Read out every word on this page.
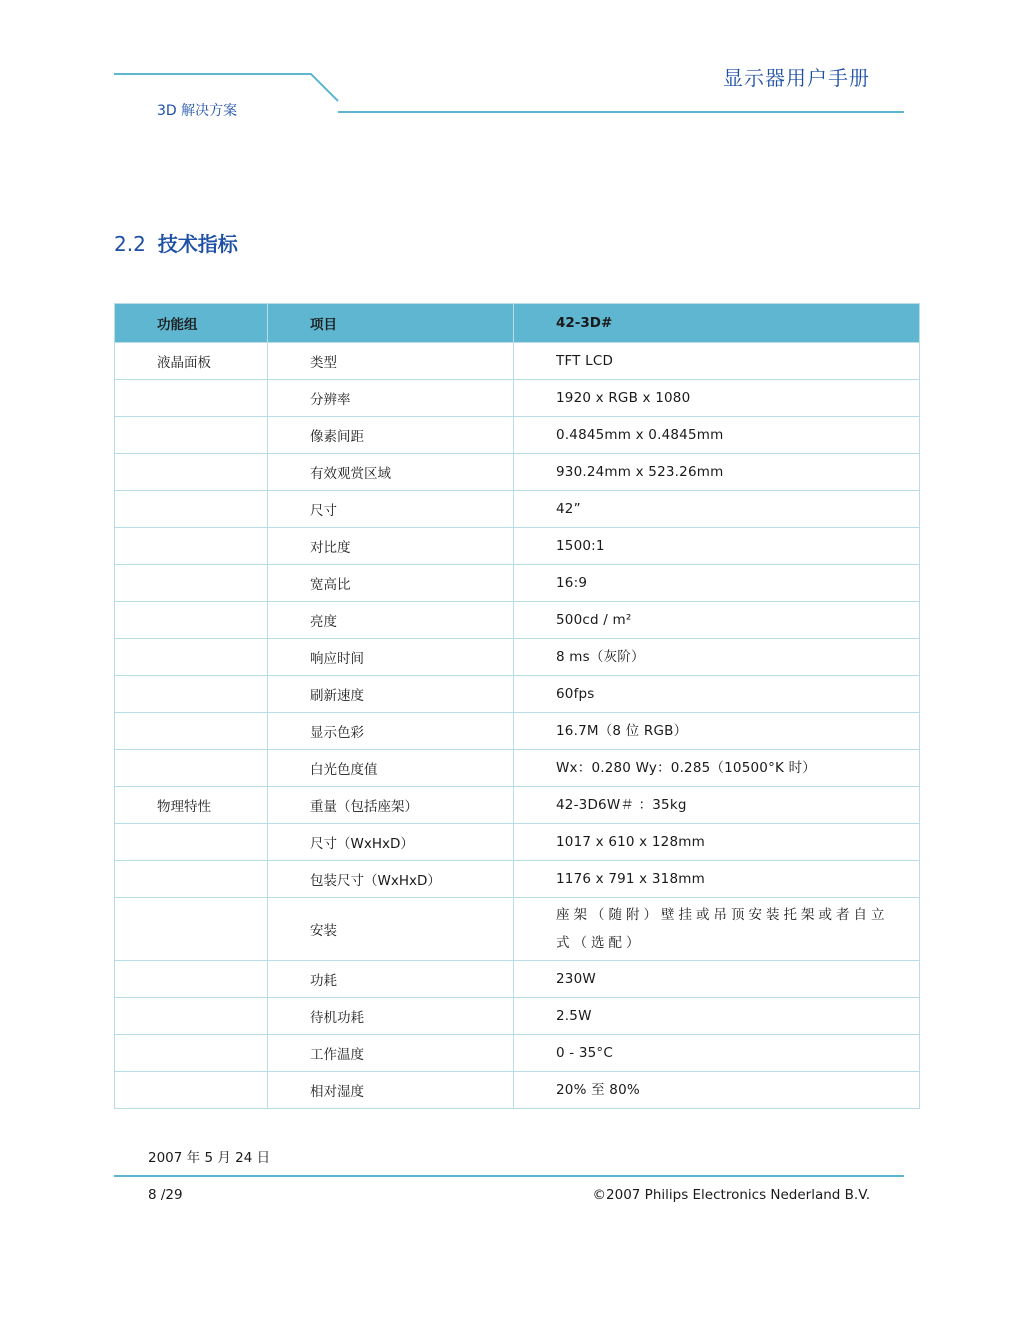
显示器用户手册
3D 解决方案
2.2 技术指标
功能组	项目	42-3D#
液晶面板	类型	TFT LCD
	分辨率	1920 x RGB x 1080
	像素间距	0.4845mm x 0.4845mm
	有效观赏区域	930.24mm x 523.26mm
	尺寸	42”
	对比度	1500:1
	宽高比	16:9
	亮度	500cd / m²
	响应时间	8 ms（灰阶）
	刷新速度	60fps
	显示色彩	16.7M（8 位 RGB）
	白光色度值	Wx：0.280 Wy：0.285（10500°K 时）
物理特性	重量（包括座架）	42-3D6W＃ ：35kg
	尺寸（WxHxD）	1017 x 610 x 128mm
	包装尺寸（WxHxD）	1176 x 791 x 318mm
	安装	座架（随附）壁挂或吊顶安装托架或者自立式（选配）
	功耗	230W
	待机功耗	2.5W
	工作温度	0 - 35°C
	相对湿度	20% 至 80%
2007 年 5 月 24 日
8 /29	©2007 Philips Electronics Nederland B.V.
